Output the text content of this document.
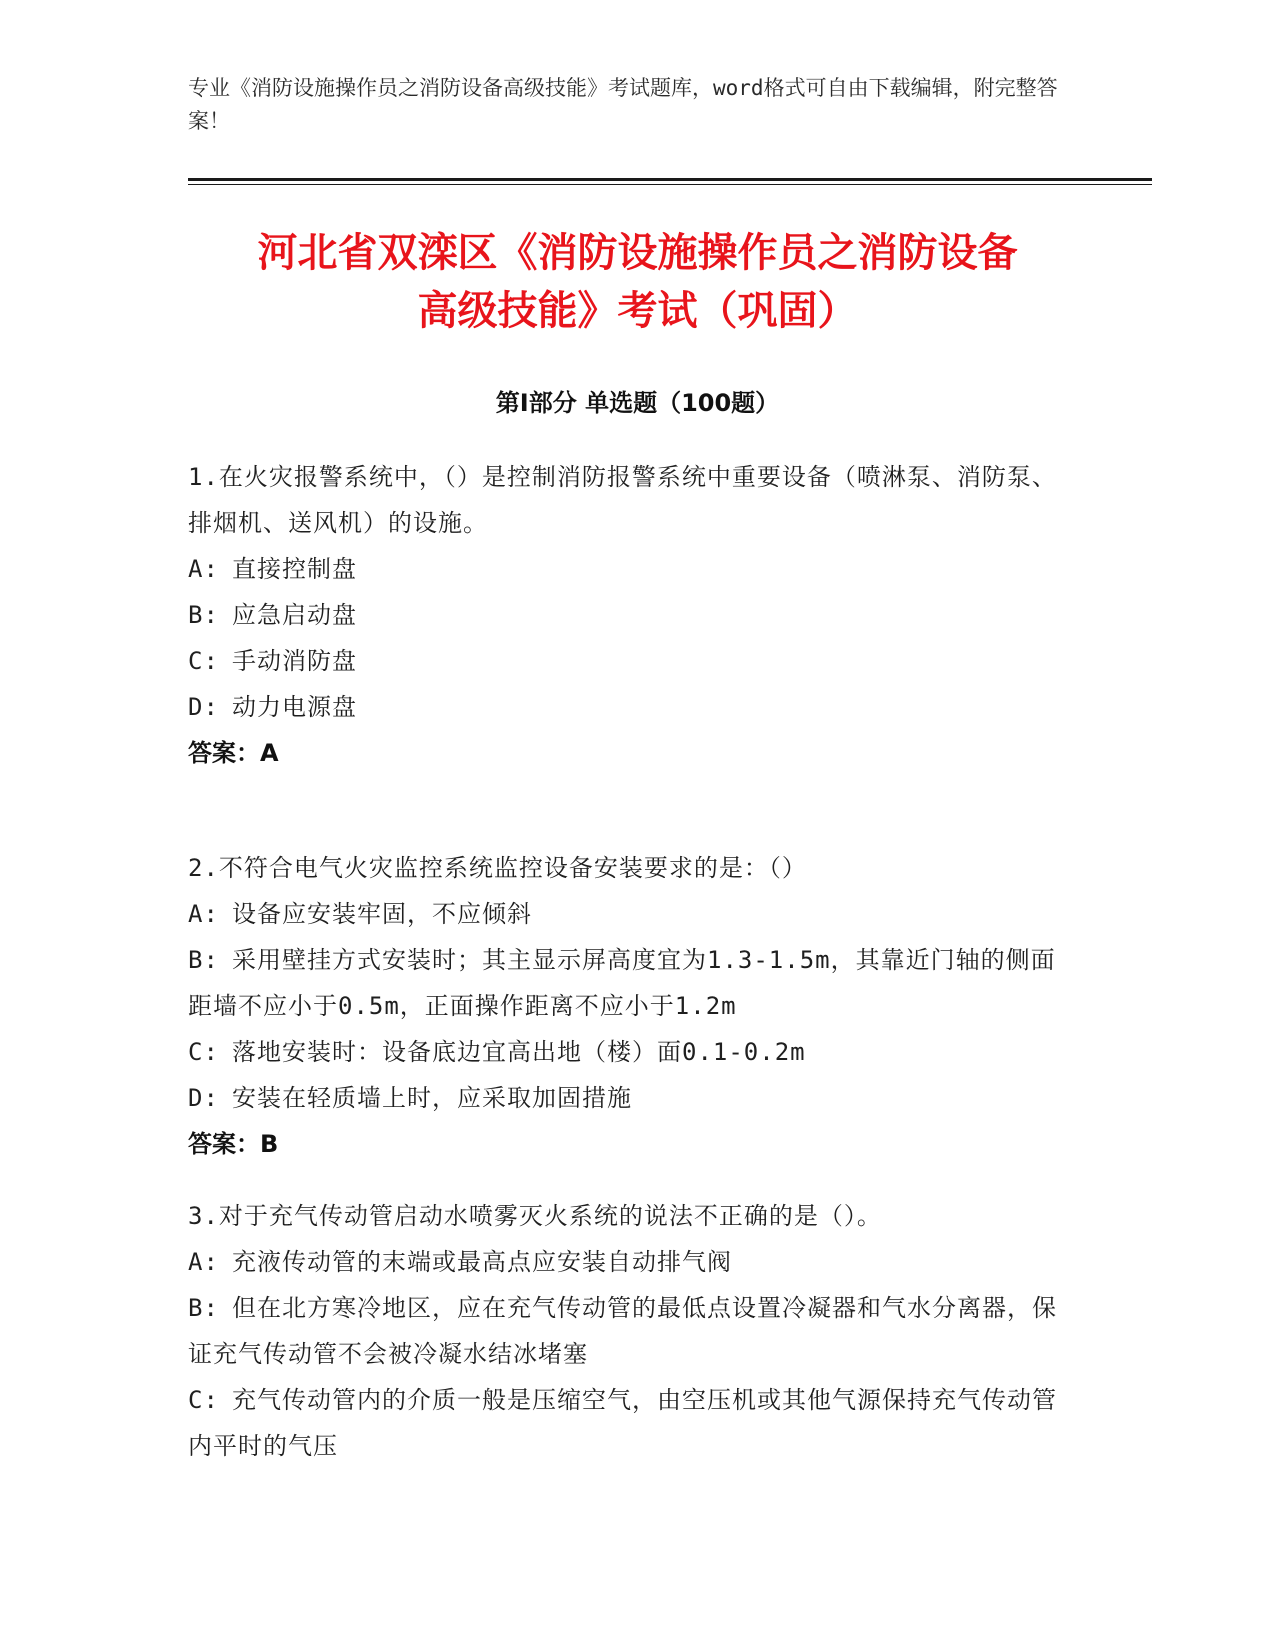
专业《消防设施操作员之消防设备高级技能》考试题库，word格式可自由下载编辑，附完整答案！
河北省双滦区《消防设施操作员之消防设备
高级技能》考试（巩固）
第Ⅰ部分 单选题（100题）
1.在火灾报警系统中，（）是控制消防报警系统中重要设备（喷淋泵、消防泵、排烟机、送风机）的设施。
A: 直接控制盘
B: 应急启动盘
C: 手动消防盘
D: 动力电源盘
答案：A
2.不符合电气火灾监控系统监控设备安装要求的是：（）
A: 设备应安装牢固，不应倾斜
B: 采用壁挂方式安装时；其主显示屏高度宜为1.3-1.5m，其靠近门轴的侧面距墙不应小于0.5m，正面操作距离不应小于1.2m
C: 落地安装时：设备底边宜高出地（楼）面0.1-0.2m
D: 安装在轻质墙上时，应采取加固措施
答案：B
3.对于充气传动管启动水喷雾灭火系统的说法不正确的是（）。
A: 充液传动管的末端或最高点应安装自动排气阀
B: 但在北方寒冷地区，应在充气传动管的最低点设置冷凝器和气水分离器，保证充气传动管不会被冷凝水结冰堵塞
C: 充气传动管内的介质一般是压缩空气，由空压机或其他气源保持充气传动管内平时的气压
